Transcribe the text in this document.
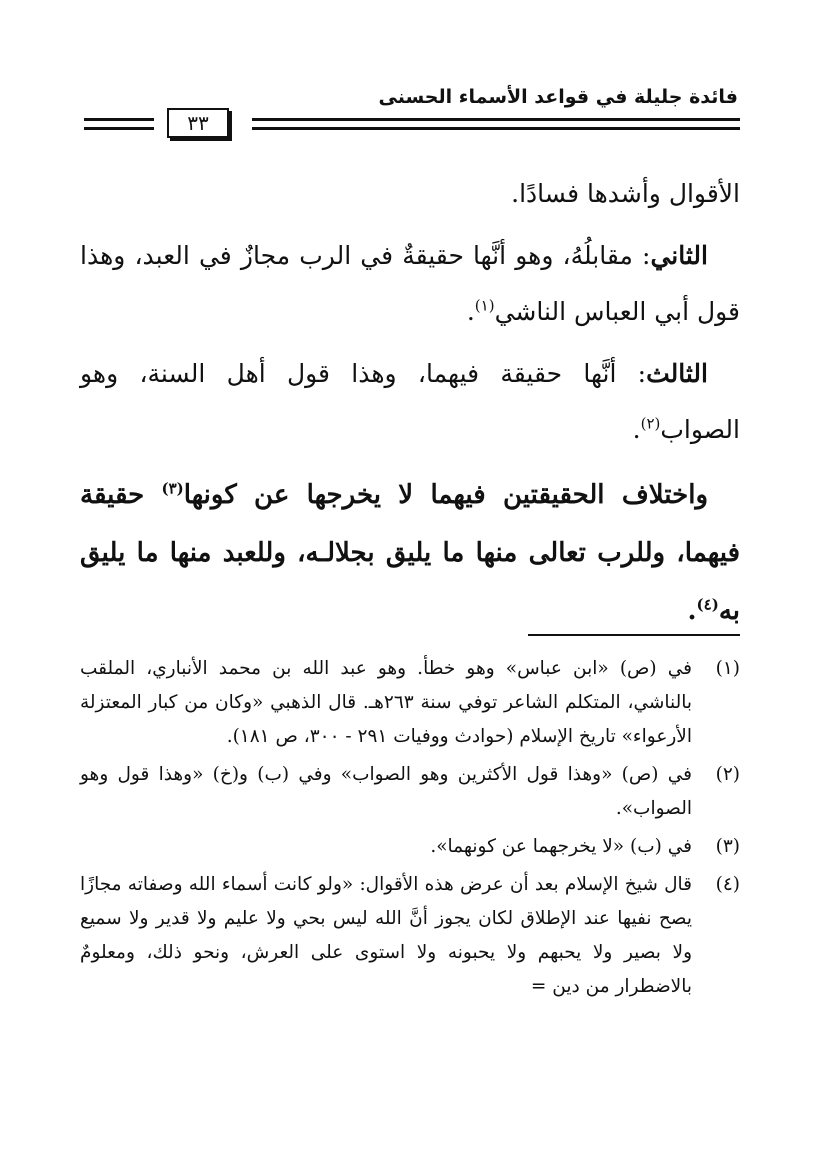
فائدة جليلة في قواعد الأسماء الحسنى
٣٣

الأقوال وأشدها فسادًا.

الثاني: مقابلُهُ، وهو أنَّها حقيقةٌ في الرب مجازٌ في العبد، وهذا قول أبي العباس الناشي$^{(١)}$.

الثالث: أنَّها حقيقة فيهما، وهذا قول أهل السنة، وهو الصواب$^{(٢)}$.

واختلاف الحقيقتين فيهما لا يخرجها عن كونها$^{(٣)}$ حقيقة فيهما، وللرب تعالى منها ما يليق بجلالـه، وللعبد منها ما يليق به$^{(٤)}$.

(١)
في (ص) «ابن عباس» وهو خطأ. وهو عبد الله بن محمد الأنباري، الملقب بالناشي، المتكلم الشاعر توفي سنة ٢٦٣هـ. قال الذهبي «وكان من كبار المعتزلة الأرعواء» تاريخ الإسلام (حوادث ووفيات ٢٩١ - ٣٠٠، ص ١٨١).
(٢)
في (ص) «وهذا قول الأكثرين وهو الصواب» وفي (ب) و(خ) «وهذا قول وهو الصواب».
(٣)
في (ب) «لا يخرجهما عن كونهما».
(٤)
قال شيخ الإسلام بعد أن عرض هذه الأقوال: «ولو كانت أسماء الله وصفاته مجازًا يصح نفيها عند الإطلاق لكان يجوز أنَّ الله ليس بحي ولا عليم ولا قدير ولا سميع ولا بصير ولا يحبهم ولا يحبونه ولا استوى على العرش، ونحو ذلك، ومعلومٌ بالاضطرار من دين =
